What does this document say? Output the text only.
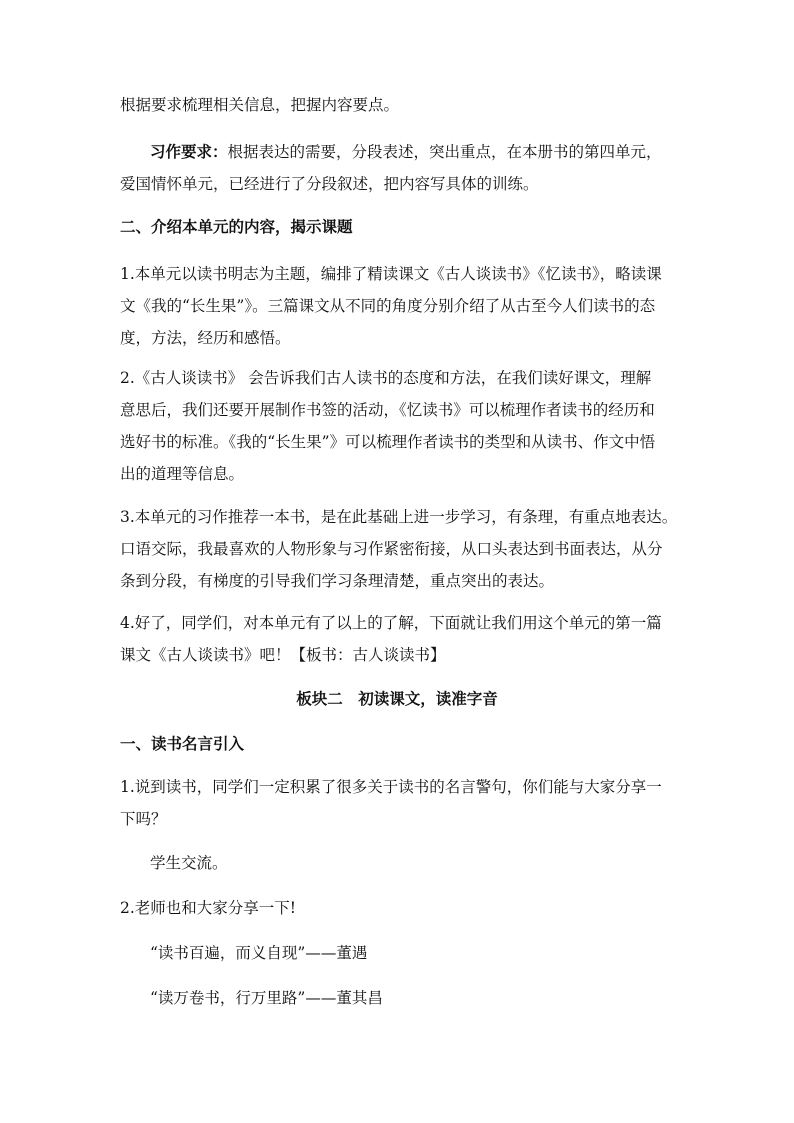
根据要求梳理相关信息，把握内容要点。
习作要求：根据表达的需要，分段表述，突出重点，在本册书的第四单元，
爱国情怀单元，已经进行了分段叙述，把内容写具体的训练。
二、介绍本单元的内容，揭示课题
1.本单元以读书明志为主题，编排了精读课文《古人谈读书》《忆读书》，略读课
文《我的“长生果”》。三篇课文从不同的角度分别介绍了从古至今人们读书的态
度，方法，经历和感悟。
2.《古人谈读书》 会告诉我们古人读书的态度和方法，在我们读好课文，理解
意思后，我们还要开展制作书签的活动，《忆读书》可以梳理作者读书的经历和
选好书的标准。《我的“长生果”》可以梳理作者读书的类型和从读书、作文中悟
出的道理等信息。
3.本单元的习作推荐一本书，是在此基础上进一步学习，有条理，有重点地表达。
口语交际，我最喜欢的人物形象与习作紧密衔接，从口头表达到书面表达，从分
条到分段，有梯度的引导我们学习条理清楚，重点突出的表达。
4.好了，同学们，对本单元有了以上的了解，下面就让我们用这个单元的第一篇
课文《古人谈读书》吧！【板书：古人谈读书】
板块二　初读课文，读准字音
一、读书名言引入
1.说到读书，同学们一定积累了很多关于读书的名言警句，你们能与大家分享一
下吗？
学生交流。
2.老师也和大家分享一下!
“读书百遍，而义自现”——董遇
“读万卷书，行万里路”——董其昌
